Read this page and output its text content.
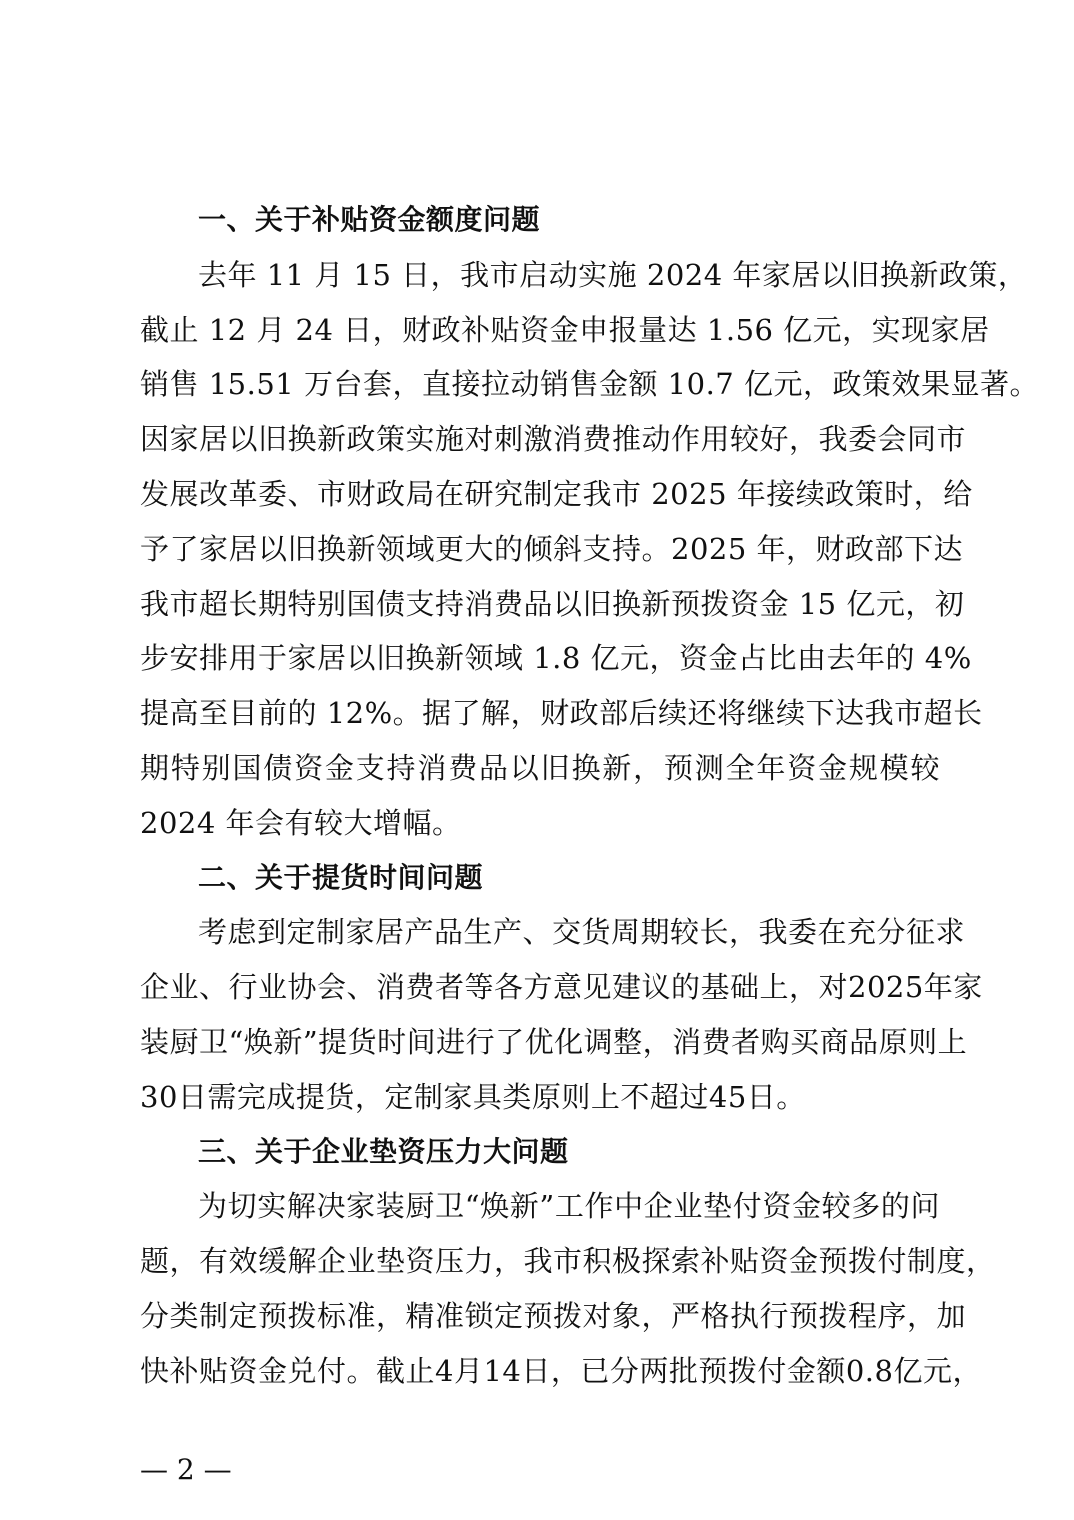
一、关于补贴资金额度问题
去年 11 月 15 日，我市启动实施 2024 年家居以旧换新政策，
截止 12 月 24 日，财政补贴资金申报量达 1.56 亿元，实现家居
销售 15.51 万台套，直接拉动销售金额 10.7 亿元，政策效果显著。
因家居以旧换新政策实施对刺激消费推动作用较好，我委会同市
发展改革委、市财政局在研究制定我市 2025 年接续政策时，给
予了家居以旧换新领域更大的倾斜支持。2025 年，财政部下达
我市超长期特别国债支持消费品以旧换新预拨资金 15 亿元，初
步安排用于家居以旧换新领域 1.8 亿元，资金占比由去年的 4%
提高至目前的 12%。据了解，财政部后续还将继续下达我市超长
期特别国债资金支持消费品以旧换新，预测全年资金规模较
2024 年会有较大增幅。
二、关于提货时间问题
考虑到定制家居产品生产、交货周期较长，我委在充分征求
企业、行业协会、消费者等各方意见建议的基础上，对2025年家
装厨卫“焕新”提货时间进行了优化调整，消费者购买商品原则上
30日需完成提货，定制家具类原则上不超过45日。
三、关于企业垫资压力大问题
为切实解决家装厨卫“焕新”工作中企业垫付资金较多的问
题，有效缓解企业垫资压力，我市积极探索补贴资金预拨付制度，
分类制定预拨标准，精准锁定预拨对象，严格执行预拨程序，加
快补贴资金兑付。截止4月14日，已分两批预拨付金额0.8亿元，
— 2 —
